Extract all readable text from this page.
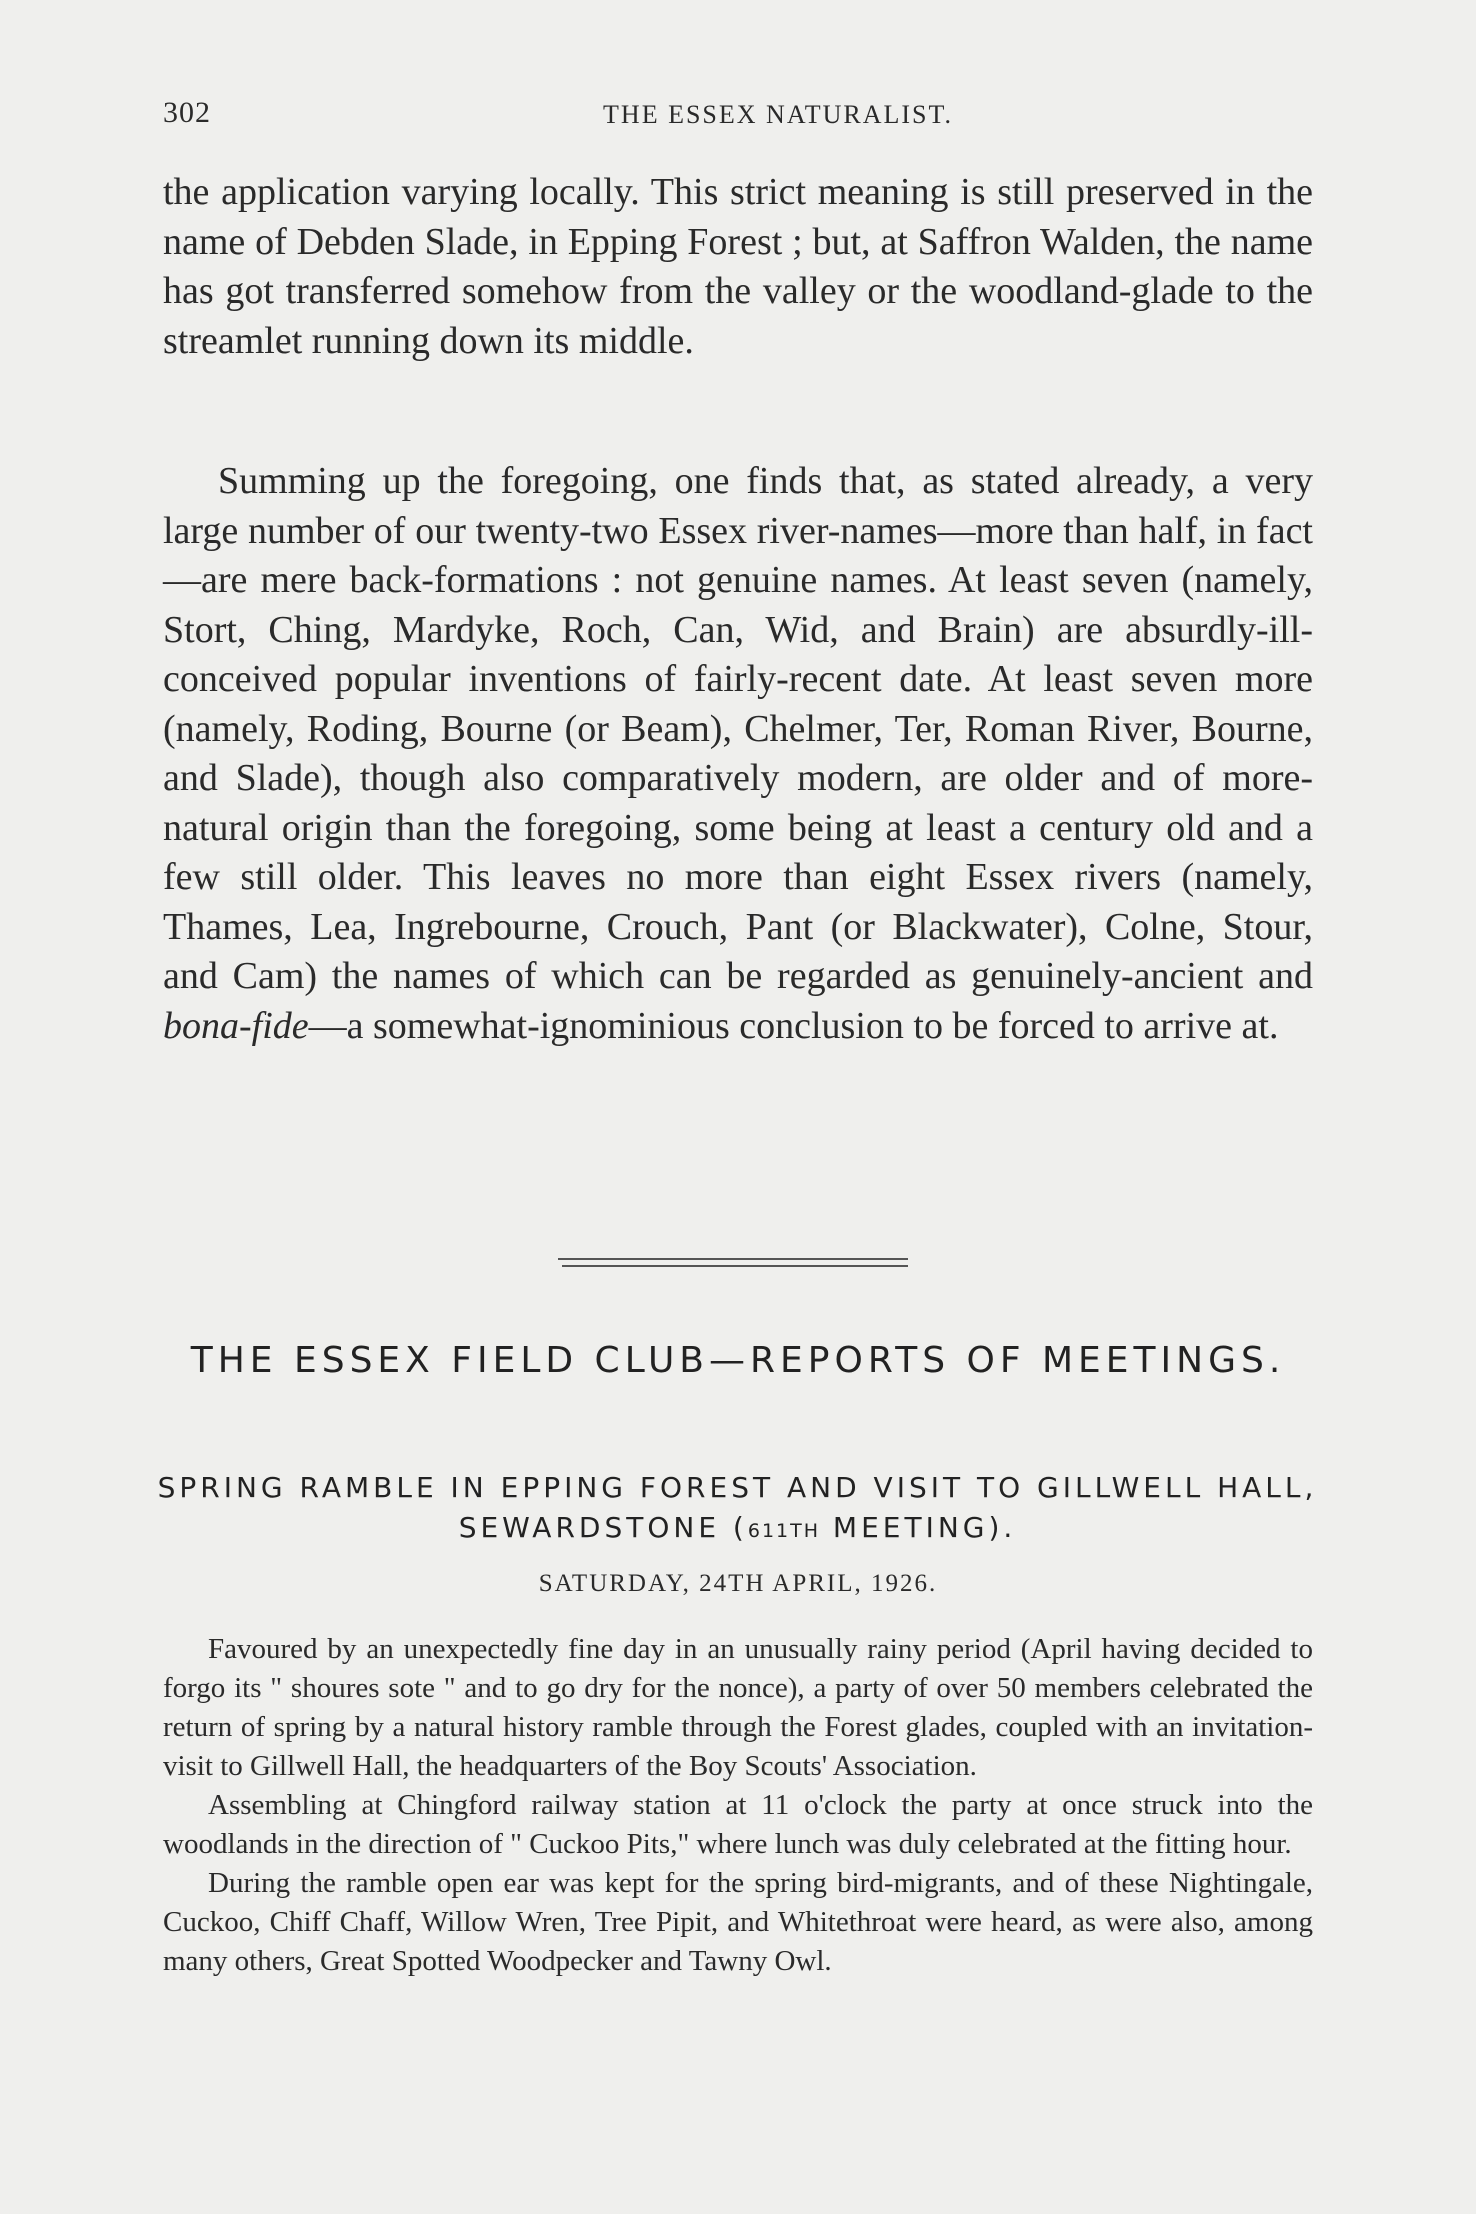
302	THE ESSEX NATURALIST.

the application varying locally. This strict meaning is still preserved in the name of Debden Slade, in Epping Forest ; but, at Saffron Walden, the name has got transferred somehow from the valley or the woodland-glade to the streamlet running down its middle.

Summing up the foregoing, one finds that, as stated already, a very large number of our twenty-two Essex river-names—more than half, in fact—are mere back-formations : not genuine names. At least seven (namely, Stort, Ching, Mardyke, Roch, Can, Wid, and Brain) are absurdly-ill-conceived popular inventions of fairly-recent date. At least seven more (namely, Roding, Bourne (or Beam), Chelmer, Ter, Roman River, Bourne, and Slade), though also comparatively modern, are older and of more-natural origin than the foregoing, some being at least a century old and a few still older. This leaves no more than eight Essex rivers (namely, Thames, Lea, Ingrebourne, Crouch, Pant (or Blackwater), Colne, Stour, and Cam) the names of which can be regarded as genuinely-ancient and bona-fide—a somewhat-ignominious conclusion to be forced to arrive at.

THE ESSEX FIELD CLUB—REPORTS OF MEETINGS.
SPRING RAMBLE IN EPPING FOREST AND VISIT TO GILLWELL HALL, SEWARDSTONE (611TH MEETING).
SATURDAY, 24TH APRIL, 1926.

Favoured by an unexpectedly fine day in an unusually rainy period (April having decided to forgo its " shoures sote " and to go dry for the nonce), a party of over 50 members celebrated the return of spring by a natural history ramble through the Forest glades, coupled with an invitation-visit to Gillwell Hall, the headquarters of the Boy Scouts' Association.

Assembling at Chingford railway station at 11 o'clock the party at once struck into the woodlands in the direction of " Cuckoo Pits," where lunch was duly celebrated at the fitting hour.

During the ramble open ear was kept for the spring bird-migrants, and of these Nightingale, Cuckoo, Chiff Chaff, Willow Wren, Tree Pipit, and Whitethroat were heard, as were also, among many others, Great Spotted Woodpecker and Tawny Owl.
